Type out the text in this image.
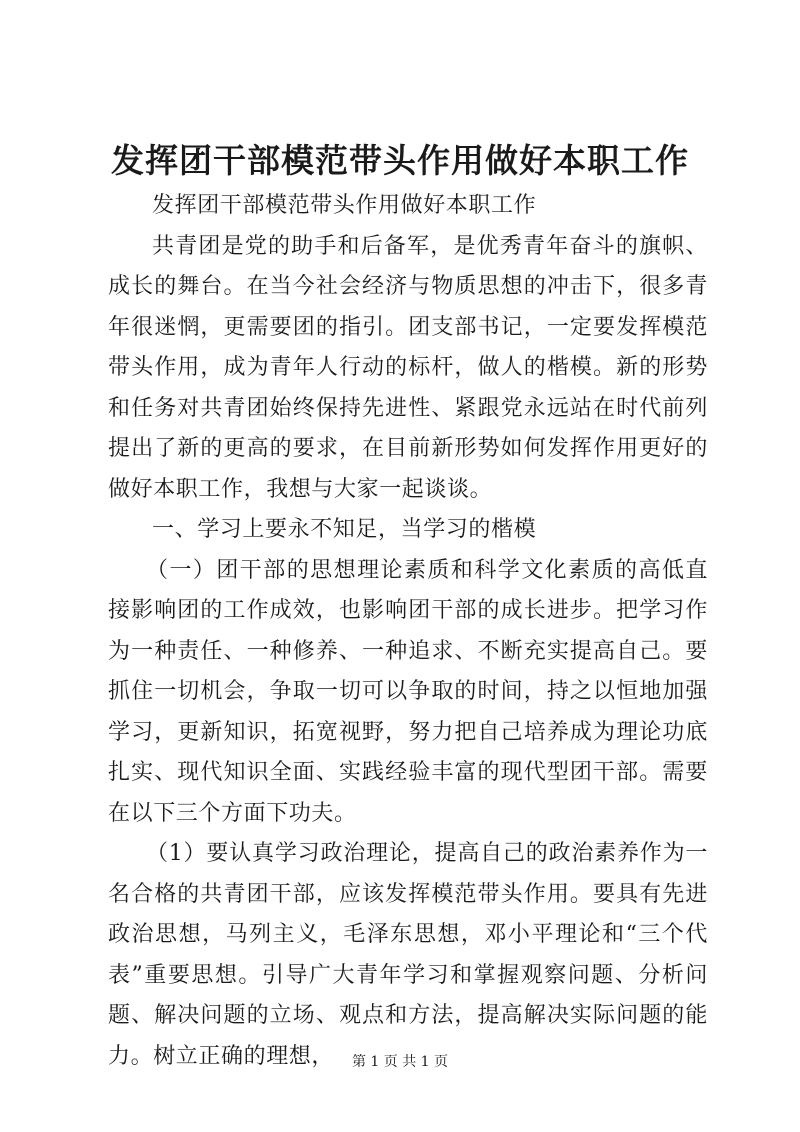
发挥团干部模范带头作用做好本职工作

发挥团干部模范带头作用做好本职工作

共青团是党的助手和后备军，是优秀青年奋斗的旗帜、成长的舞台。在当今社会经济与物质思想的冲击下，很多青年很迷惘，更需要团的指引。团支部书记，一定要发挥模范带头作用，成为青年人行动的标杆，做人的楷模。新的形势和任务对共青团始终保持先进性、紧跟党永远站在时代前列提出了新的更高的要求，在目前新形势如何发挥作用更好的做好本职工作，我想与大家一起谈谈。

一、学习上要永不知足，当学习的楷模

（一）团干部的思想理论素质和科学文化素质的高低直接影响团的工作成效，也影响团干部的成长进步。把学习作为一种责任、一种修养、一种追求、不断充实提高自己。要抓住一切机会，争取一切可以争取的时间，持之以恒地加强学习，更新知识，拓宽视野，努力把自己培养成为理论功底扎实、现代知识全面、实践经验丰富的现代型团干部。需要在以下三个方面下功夫。

（1）要认真学习政治理论，提高自己的政治素养作为一名合格的共青团干部，应该发挥模范带头作用。要具有先进政治思想，马列主义，毛泽东思想，邓小平理论和“三个代表”重要思想。引导广大青年学习和掌握观察问题、分析问题、解决问题的立场、观点和方法，提高解决实际问题的能力。树立正确的理想，	第 1 页 共 1 页
